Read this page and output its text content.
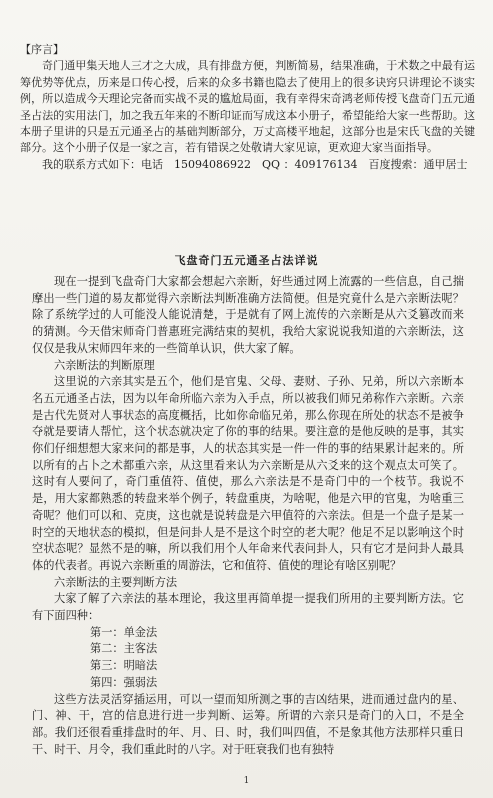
【序言】

奇门通甲集天地人三才之大成，具有排盘方便，判断简易，结果准确，于术数之中最有运筹优势等优点，历来是口传心授，后来的众多书籍也隐去了使用上的很多诀窍只讲理论不谈实例，所以造成今天理论完备而实战不灵的尴尬局面，我有幸得宋奇鸿老师传授飞盘奇门五元通圣占法的实用法门，加之我五年来的不断印证而写成这本小册子，希望能给大家一些帮助。这本册子里讲的只是五元通圣占的基础判断部分，万丈高楼平地起，这部分也是宋氏飞盘的关键部分。这个小册子仅是一家之言，若有错误之处敬请大家见谅，更欢迎大家当面指导。

我的联系方式如下：电话　15094086922　QQ ：409176134　百度搜索：通甲居士

飞盘奇门五元通圣占法详说

现在一提到飞盘奇门大家都会想起六亲断，好些通过网上流露的一些信息，自己揣摩出一些门道的易友都觉得六亲断法判断准确方法简便。但是究竟什么是六亲断法呢？除了系统学过的人可能没人能说清楚，于是就有了网上流传的六亲断是从六爻篡改而来的猜测。今天借宋师奇门普惠班完满结束的契机，我给大家说说我知道的六亲断法，这仅仅是我从宋师四年来的一些简单认识，供大家了解。

六亲断法的判断原理

这里说的六亲其实是五个，他们是官鬼、父母、妻财、子孙、兄弟，所以六亲断本名五元通圣占法，因为以年命所临六亲为入手点，所以被我们师兄弟称作六亲断。六亲是古代先贤对人事状态的高度概括，比如你命临兄弟，那么你现在所处的状态不是被争夺就是要请人帮忙，这个状态就决定了你的事的结果。要注意的是他反映的是事，其实你们仔细想想大家来问的都是事，人的状态其实是一件一件的事的结果累计起来的。所以所有的占卜之术都重六亲，从这里看来认为六亲断是从六爻来的这个观点太可笑了。这时有人要问了，奇门重值符、值使，那么六亲法是不是奇门中的一个枝节。我说不是，用大家都熟悉的转盘来举个例子，转盘重庚，为啥呢，他是六甲的官鬼，为啥重三奇呢？他们可以和、克庚，这也就是说转盘是六甲值符的六亲法。但是一个盘子是某一时空的天地状态的模拟，但是问卦人是不是这个时空的老大呢？他足不足以影响这个时空状态呢？显然不是的嘛，所以我们用个人年命来代表问卦人，只有它才是问卦人最具体的代表者。再说六亲断重的周游法，它和值符、值使的理论有啥区别呢？

六亲断法的主要判断方法

大家了解了六亲法的基本理论，我这里再简单提一提我们所用的主要判断方法。它有下面四种：

第一：单金法

第二：主客法

第三：明暗法

第四：强弱法

这些方法灵活穿插运用，可以一望而知所测之事的吉凶结果，进而通过盘内的星、门、神、干，宫的信息进行进一步判断、运筹。所谓的六亲只是奇门的入口，不是全部。我们还很看重排盘时的年、月、日、时，我们叫四值，不是象其他方法那样只重日干、时干、月令，我们重此时的八字。对于旺衰我们也有独特

1
